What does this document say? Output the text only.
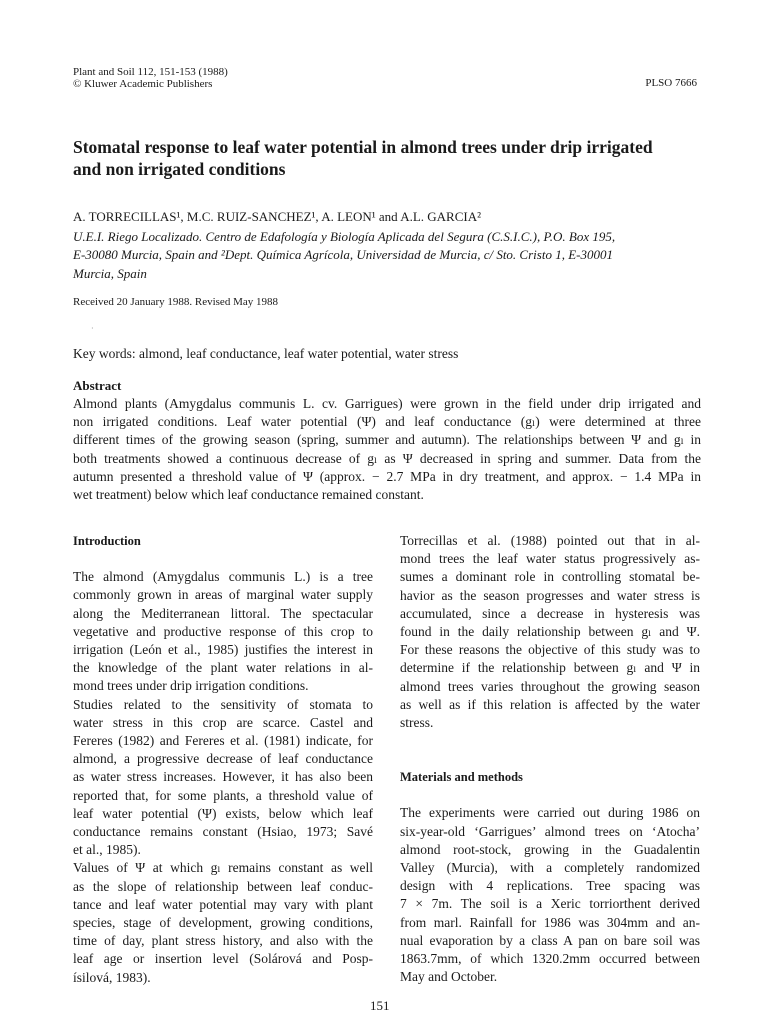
Plant and Soil 112, 151-153 (1988)
© Kluwer Academic Publishers	PLSO 7666
Stomatal response to leaf water potential in almond trees under drip irrigated and non irrigated conditions
A. TORRECILLAS¹, M.C. RUIZ-SANCHEZ¹, A. LEON¹ and A.L. GARCIA²
U.E.I. Riego Localizado. Centro de Edafología y Biología Aplicada del Segura (C.S.I.C.), P.O. Box 195,
E-30080 Murcia, Spain and ²Dept. Química Agrícola, Universidad de Murcia, c/ Sto. Cristo 1, E-30001
Murcia, Spain
Received 20 January 1988. Revised May 1988
·
Key words: almond, leaf conductance, leaf water potential, water stress
Abstract
Almond plants (Amygdalus communis L. cv. Garrigues) were grown in the field under drip irrigated and
non irrigated conditions. Leaf water potential (Ψ) and leaf conductance (gₗ) were determined at three
different times of the growing season (spring, summer and autumn). The relationships between Ψ and gₗ in
both treatments showed a continuous decrease of gₗ as Ψ decreased in spring and summer. Data from the
autumn presented a threshold value of Ψ (approx. − 2.7 MPa in dry treatment, and approx. − 1.4 MPa in
wet treatment) below which leaf conductance remained constant.
Introduction
The almond (Amygdalus communis L.) is a tree
commonly grown in areas of marginal water supply
along the Mediterranean littoral. The spectacular
vegetative and productive response of this crop to
irrigation (León et al., 1985) justifies the interest in
the knowledge of the plant water relations in al-
mond trees under drip irrigation conditions.
Studies related to the sensitivity of stomata to
water stress in this crop are scarce. Castel and
Fereres (1982) and Fereres et al. (1981) indicate, for
almond, a progressive decrease of leaf conductance
as water stress increases. However, it has also been
reported that, for some plants, a threshold value of
leaf water potential (Ψ) exists, below which leaf
conductance remains constant (Hsiao, 1973; Savé
et al., 1985).
Values of Ψ at which gₗ remains constant as well
as the slope of relationship between leaf conduc-
tance and leaf water potential may vary with plant
species, stage of development, growing conditions,
time of day, plant stress history, and also with the
leaf age or insertion level (Solárová and Posp-
ísilová, 1983).
Torrecillas et al. (1988) pointed out that in al-
mond trees the leaf water status progressively as-
sumes a dominant role in controlling stomatal be-
havior as the season progresses and water stress is
accumulated, since a decrease in hysteresis was
found in the daily relationship between gₗ and Ψ.
For these reasons the objective of this study was to
determine if the relationship between gₗ and Ψ in
almond trees varies throughout the growing season
as well as if this relation is affected by the water
stress.
Materials and methods
The experiments were carried out during 1986 on
six-year-old ‘Garrigues’ almond trees on ‘Atocha’
almond root-stock, growing in the Guadalentin
Valley (Murcia), with a completely randomized
design with 4 replications. Tree spacing was
7 × 7m. The soil is a Xeric torriorthent derived
from marl. Rainfall for 1986 was 304mm and an-
nual evaporation by a class A pan on bare soil was
1863.7mm, of which 1320.2mm occurred between
May and October.
151
